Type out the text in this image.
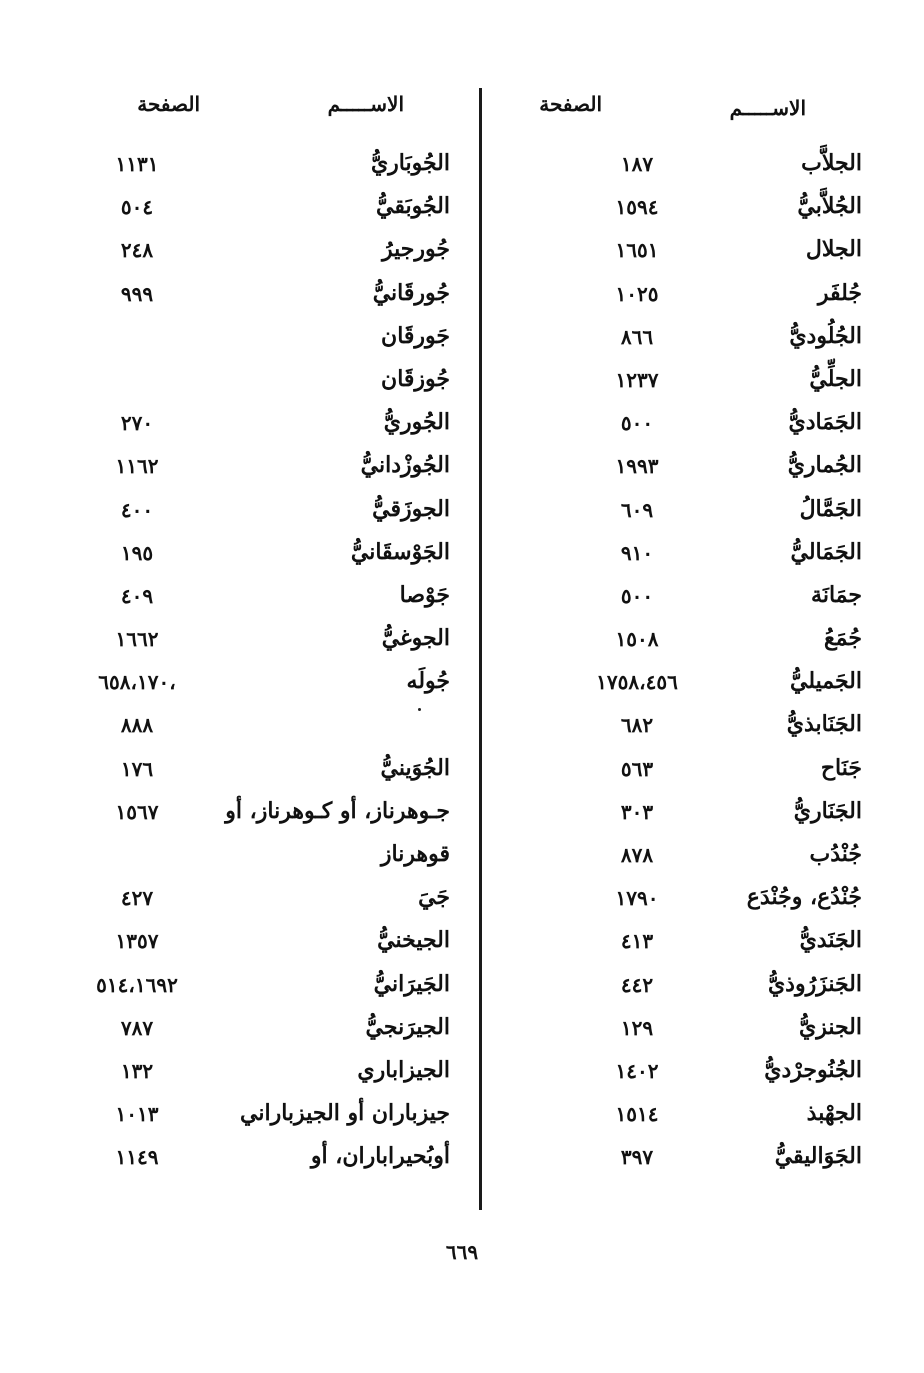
الاســـــم
الصفحة
الاســـــم
الصفحة
الجلاَّب
١٨٧
الجُلاَّبيُّ
١٥٩٤
الجلال
١٦٥١
جُلفَر
١٠٢٥
الجُلُوديُّ
٨٦٦
الجلِّيُّ
١٢٣٧
الجَمَاديُّ
٥٠٠
الجُماريُّ
١٩٩٣
الجَمَّالُ
٦٠٩
الجَمَاليُّ
٩١٠
جمَانَة
٥٠٠
جُمَعُ
١٥٠٨
الجَميليُّ
١٧٥٨،٤٥٦
الجَنَابذيُّ
٦٨٢
جَنَاح
٥٦٣
الجَنَاريُّ
٣٠٣
جُنْدُب
٨٧٨
جُنْدُع، وجُنْدَع
١٧٩٠
الجَنَديُّ
٤١٣
الجَنزَرُوذيُّ
٤٤٢
الجنزيُّ
١٢٩
الجُنُوجرْديُّ
١٤٠٢
الجهْبذ
١٥١٤
الجَوَاليقيُّ
٣٩٧
الجُوبَاريُّ
١١٣١
الجُوبَقيُّ
٥٠٤
جُورجيرُ
٢٤٨
جُورقَانيُّ
٩٩٩
جَورقَان
جُوزقَان
الجُوريُّ
٢٧٠
الجُوزْدانيُّ
١١٦٢
الجوزَقيُّ
٤٠٠
الجَوْسقَانيُّ
١٩٥
جَوْصا
٤٠٩
الجوغيُّ
١٦٦٢
جُولَه
،٦٥٨،١٧٠
٨٨٨
الجُوَينيُّ
١٧٦
جـوهرناز، أو كـوهرناز، أو
١٥٦٧
قوهرناز
جَيَ
٤٢٧
الجيخنيُّ
١٣٥٧
الجَيرَانيُّ
٥١٤،١٦٩٢
الجيرَنجيُّ
٧٨٧
الجيزاباري
١٣٢
جيزباران أو الجيزباراني
١٠١٣
أوبُحيراباران، أو
١١٤٩
٦٦٩
